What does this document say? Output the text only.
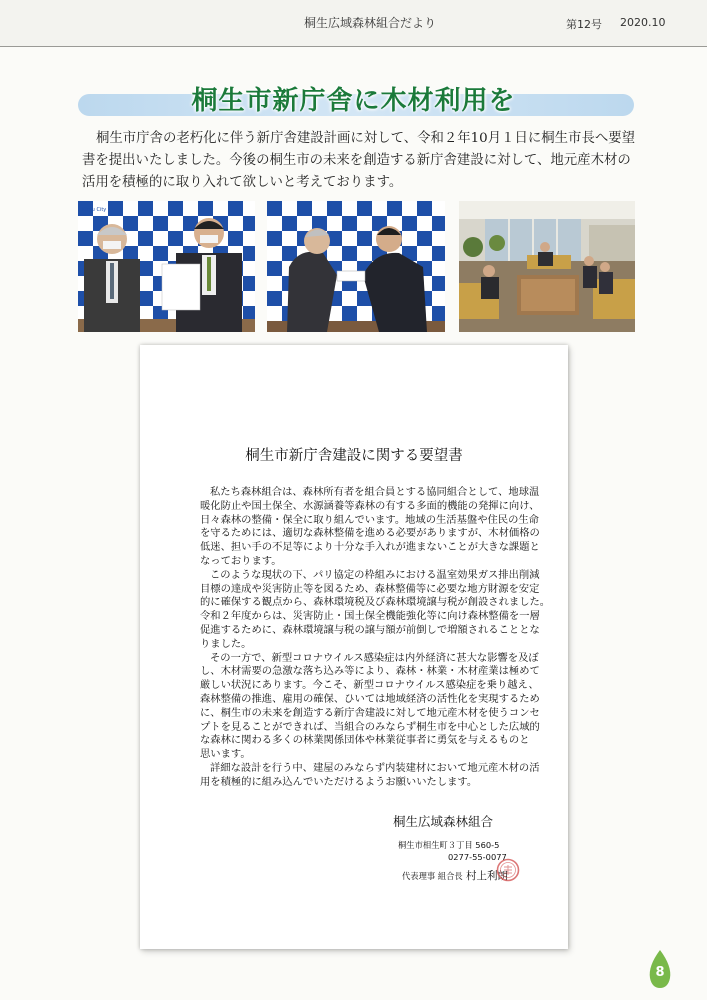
桐生広域森林組合だより	第12号 2020.10
桐生市新庁舎に木材利用を
桐生市庁舎の老朽化に伴う新庁舎建設計画に対して、令和２年10月１日に桐生市長へ要望
書を提出いたしました。今後の桐生市の未来を創造する新庁舎建設に対して、地元産木材の
活用を積極的に取り入れて欲しいと考えております。
Kiryu City
桐生市新庁舎建設に関する要望書
私たち森林組合は、森林所有者を組合員とする協同組合として、地球温
暖化防止や国土保全、水源涵養等森林の有する多面的機能の発揮に向け、
日々森林の整備・保全に取り組んでいます。地域の生活基盤や住民の生命
を守るためには、適切な森林整備を進める必要がありますが、木材価格の
低迷、担い手の不足等により十分な手入れが進まないことが大きな課題と
なっております。
このような現状の下、パリ協定の枠組みにおける温室効果ガス排出削減
目標の達成や災害防止等を図るため、森林整備等に必要な地方財源を安定
的に確保する観点から、森林環境税及び森林環境譲与税が創設されました。
令和２年度からは、災害防止・国土保全機能強化等に向け森林整備を一層
促進するために、森林環境譲与税の譲与額が前倒しで増額されることとな
りました。
その一方で、新型コロナウイルス感染症は内外経済に甚大な影響を及ぼ
し、木材需要の急激な落ち込み等により、森林・林業・木材産業は極めて
厳しい状況にあります。今こそ、新型コロナウイルス感染症を乗り越え、
森林整備の推進、雇用の確保、ひいては地域経済の活性化を実現するため
に、桐生市の未来を創造する新庁舎建設に対して地元産木材を使うコンセ
プトを見ることができれば、当組合のみならず桐生市を中心とした広域的
な森林に関わる多くの林業関係団体や林業従事者に勇気を与えるものと
思います。
詳細な設計を行う中、建屋のみならず内装建材において地元産木材の活
用を積極的に組み込んでいただけるようお願いいたします。
桐生広域森林組合
桐生市相生町３丁目 560-5
0277-55-0077
代表理事 組合長 村上利朗
8
